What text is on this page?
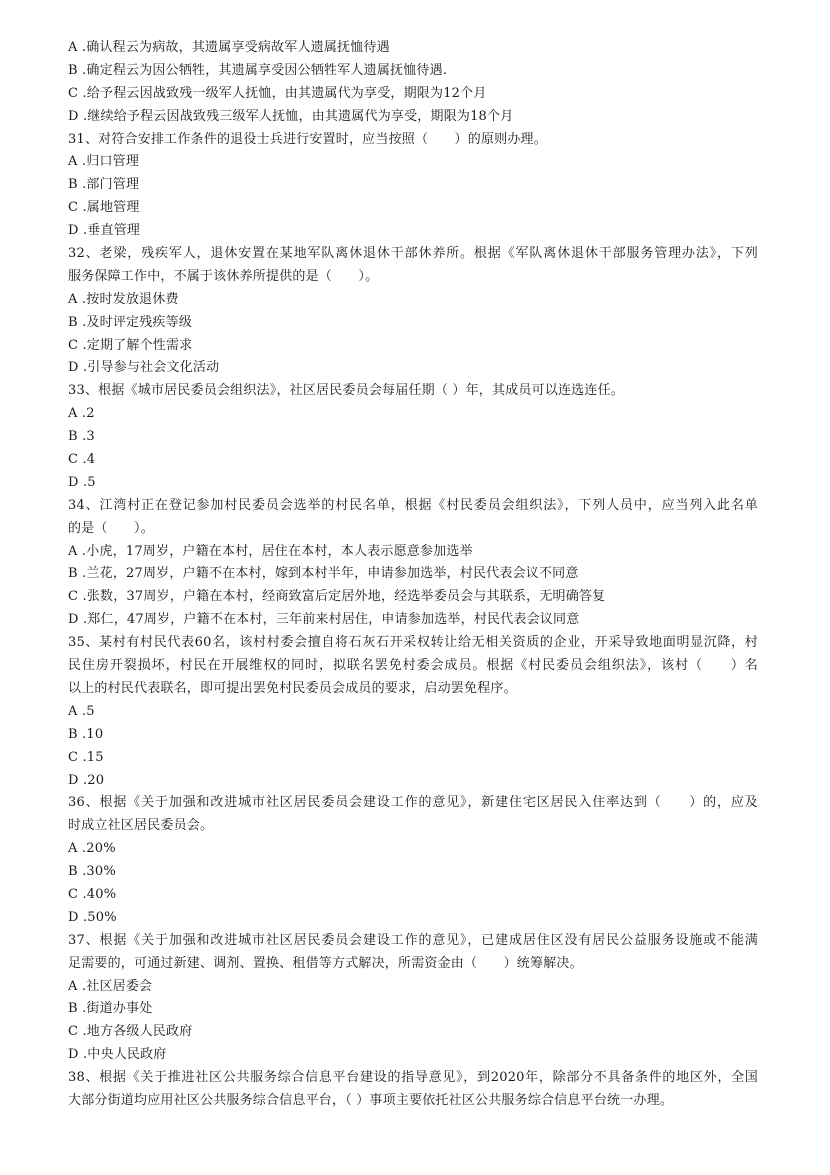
A .确认程云为病故，其遗属享受病故军人遗属抚恤待遇
B .确定程云为因公牺牲，其遗属享受因公牺牲军人遗属抚恤待遇.
C .给予程云因战致残一级军人抚恤，由其遗属代为享受，期限为12个月
D .继续给予程云因战致残三级军人抚恤，由其遗属代为享受，期限为18个月
31、对符合安排工作条件的退役士兵进行安置时，应当按照（　　）的原则办理。
A .归口管理
B .部门管理
C .属地管理
D .垂直管理
32、老梁，残疾军人，退休安置在某地军队离休退休干部休养所。根据《军队离休退休干部服务管理办法》，下列
服务保障工作中，不属于该休养所提供的是（　　）。
A .按时发放退休费
B .及时评定残疾等级
C .定期了解个性需求
D .引导参与社会文化活动
33、根据《城市居民委员会组织法》，社区居民委员会每届任期（ ）年，其成员可以连选连任。
A .2
B .3
C .4
D .5
34、江湾村正在登记参加村民委员会选举的村民名单，根据《村民委员会组织法》，下列人员中，应当列入此名单
的是（　　）。
A .小虎，17周岁，户籍在本村，居住在本村，本人表示愿意参加选举
B .兰花，27周岁，户籍不在本村，嫁到本村半年，申请参加选举，村民代表会议不同意
C .张数，37周岁，户籍在本村，经商致富后定居外地，经选举委员会与其联系，无明确答复
D .郑仁，47周岁，户籍不在本村，三年前来村居住，申请参加选举，村民代表会议同意
35、某村有村民代表60名，该村村委会擅自将石灰石开采权转让给无相关资质的企业，开采导致地面明显沉降，村
民住房开裂损坏，村民在开展维权的同时，拟联名罢免村委会成员。根据《村民委员会组织法》，该村（　　）名
以上的村民代表联名，即可提出罢免村民委员会成员的要求，启动罢免程序。
A .5
B .10
C .15
D .20
36、根据《关于加强和改进城市社区居民委员会建设工作的意见》，新建住宅区居民入住率达到（　　）的，应及
时成立社区居民委员会。
A .20%
B .30%
C .40%
D .50%
37、根据《关于加强和改进城市社区居民委员会建设工作的意见》，已建成居住区没有居民公益服务设施或不能满
足需要的，可通过新建、调剂、置换、租借等方式解决，所需资金由（　　）统筹解决。
A .社区居委会
B .街道办事处
C .地方各级人民政府
D .中央人民政府
38、根据《关于推进社区公共服务综合信息平台建设的指导意见》，到2020年，除部分不具备条件的地区外，全国
大部分街道均应用社区公共服务综合信息平台，（ ）事项主要依托社区公共服务综合信息平台统一办理。
